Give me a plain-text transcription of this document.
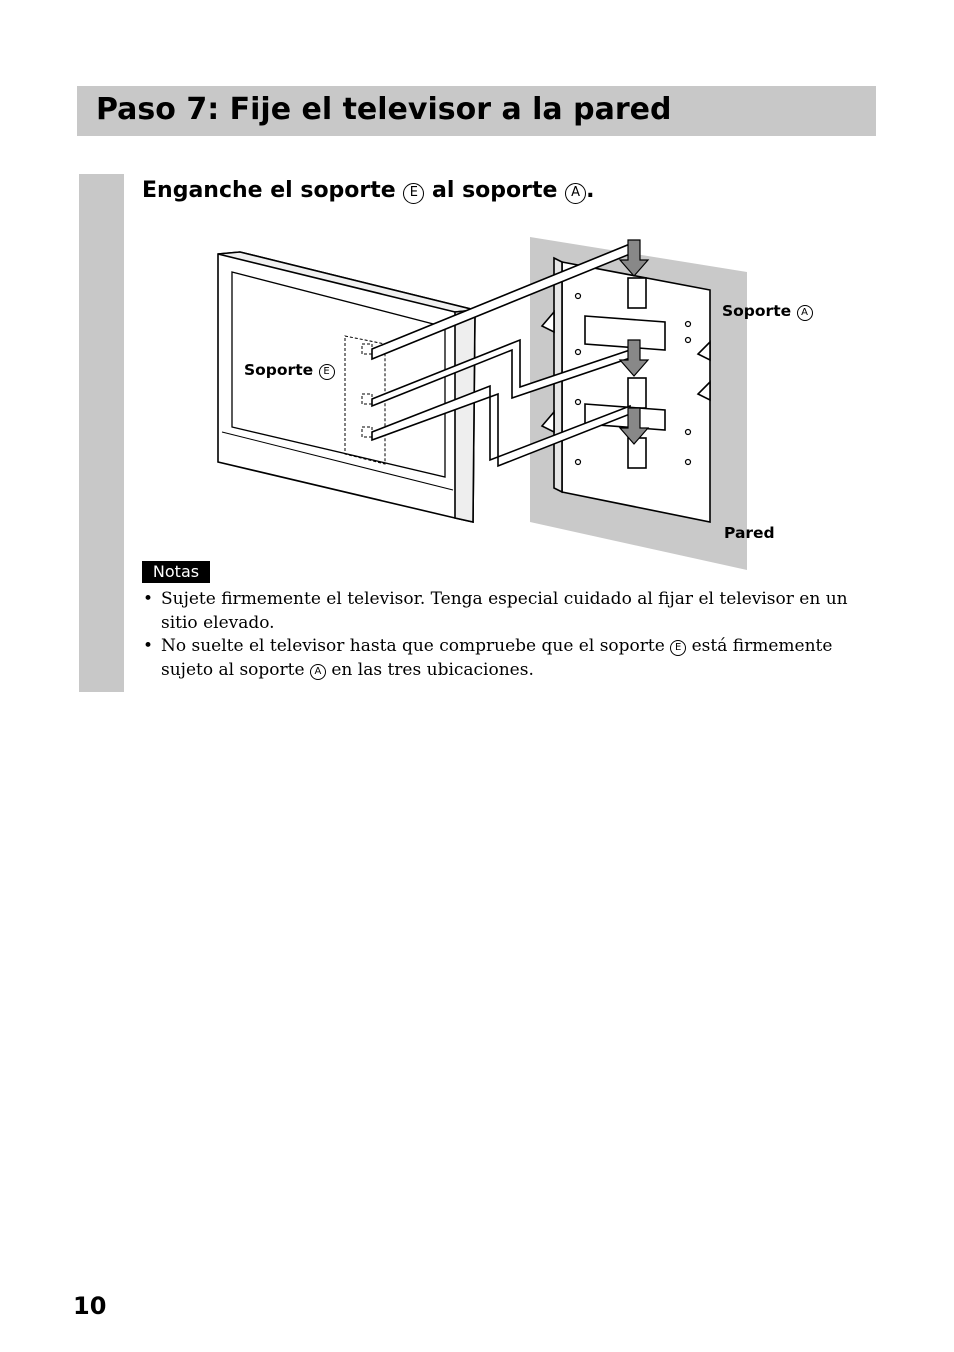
Paso 7: Fije el televisor a la pared
Enganche el soporte E al soporte A .
Soporte E
Soporte A
Pared
Notas
• Sujete firmemente el televisor. Tenga especial cuidado al fijar el televisor en un sitio elevado.
• No suelte el televisor hasta que compruebe que el soporte E está firmemente sujeto al soporte A en las tres ubicaciones.
10
